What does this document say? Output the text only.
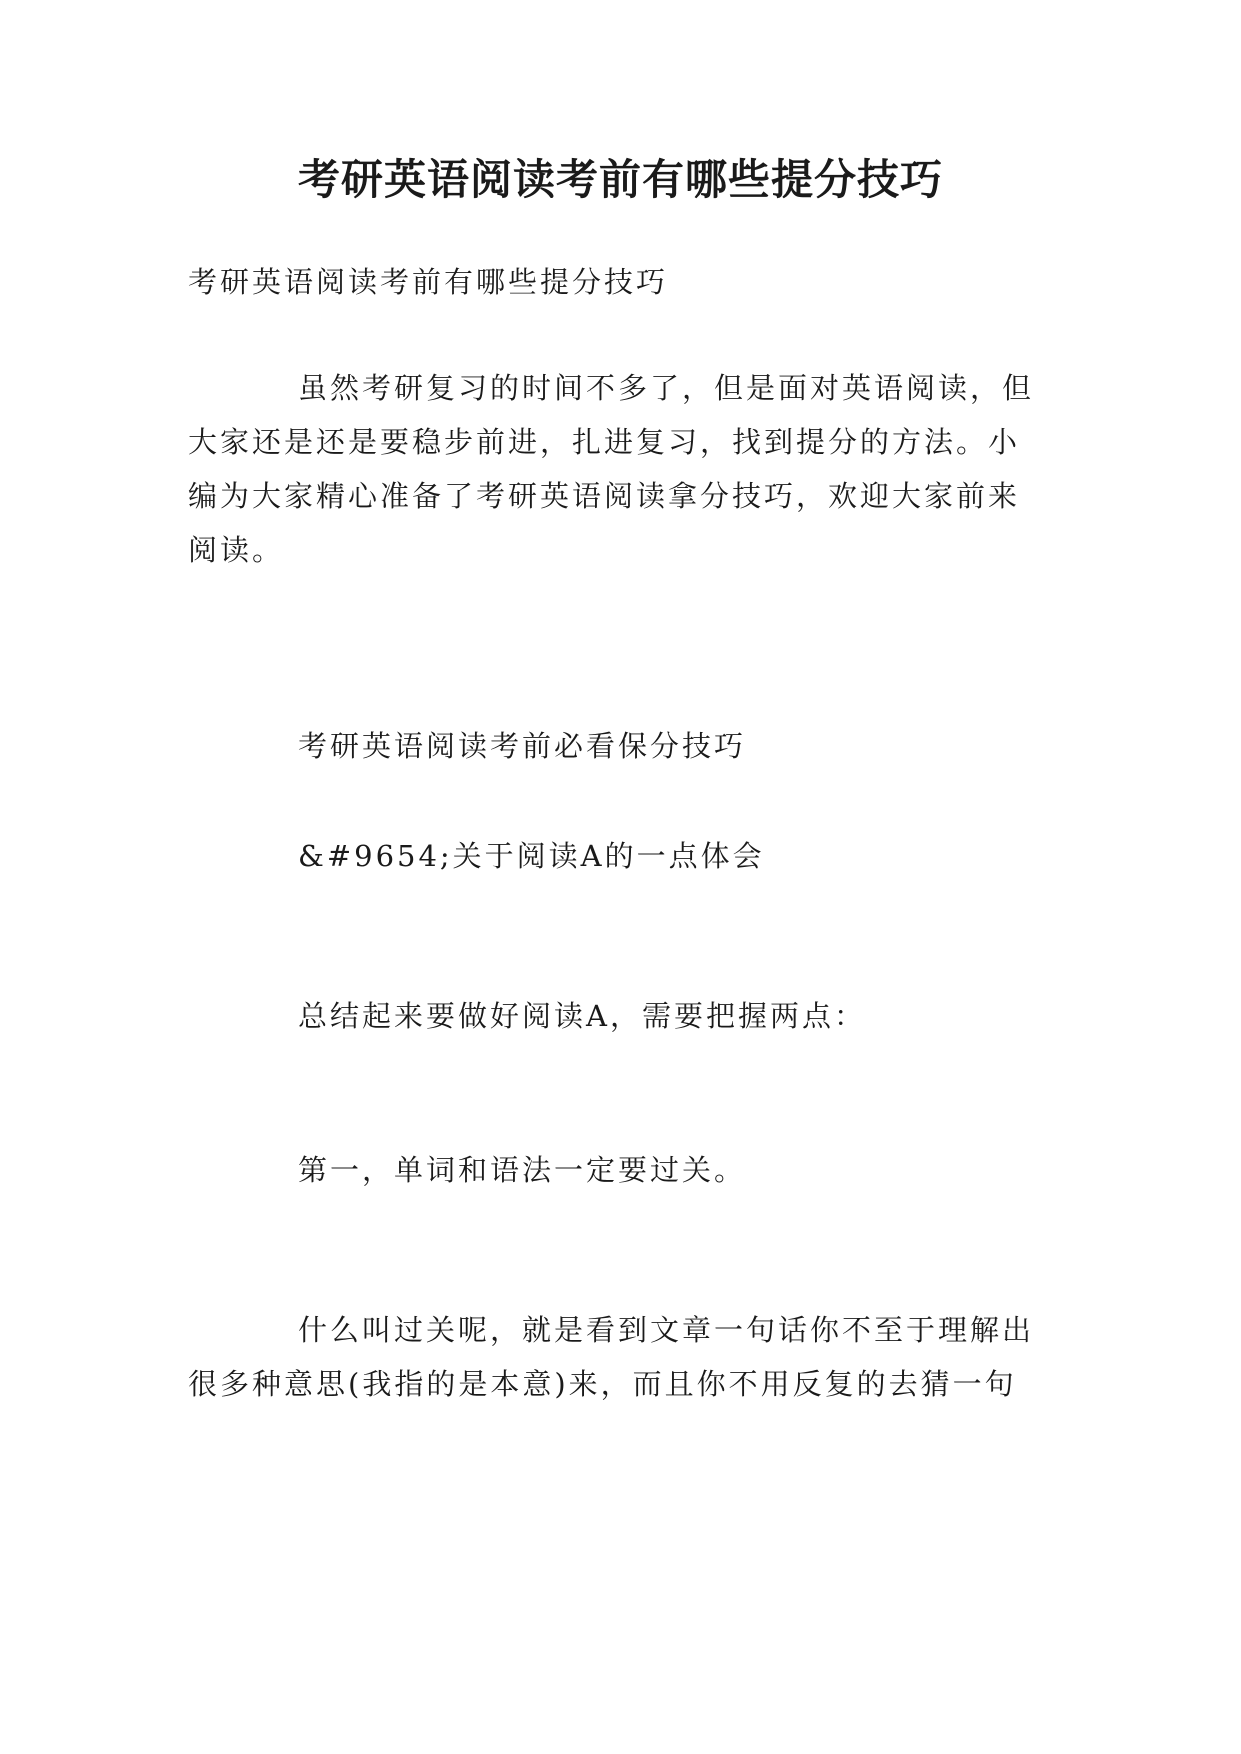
考研英语阅读考前有哪些提分技巧

考研英语阅读考前有哪些提分技巧

虽然考研复习的时间不多了，但是面对英语阅读，但

大家还是还是要稳步前进，扎进复习，找到提分的方法。小

编为大家精心准备了考研英语阅读拿分技巧，欢迎大家前来

阅读。

考研英语阅读考前必看保分技巧

&#9654;关于阅读A的一点体会

总结起来要做好阅读A，需要把握两点：

第一，单词和语法一定要过关。

什么叫过关呢，就是看到文章一句话你不至于理解出

很多种意思(我指的是本意)来，而且你不用反复的去猜一句
